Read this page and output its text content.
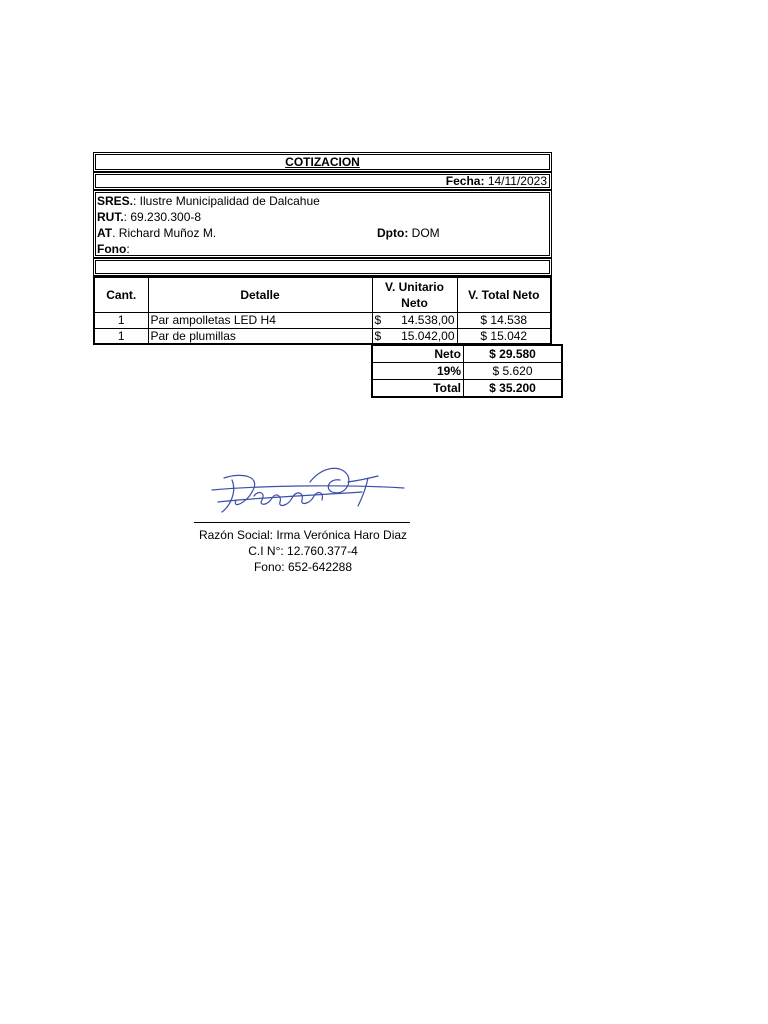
COTIZACION
Fecha: 14/11/2023
SRES.: Ilustre Municipalidad de Dalcahue
RUT.: 69.230.300-8
AT. Richard Muñoz M.	Dpto: DOM
Fono:
Cant.	Detalle	V. Unitario Neto	V. Total Neto
1	Par ampolletas LED H4	$ 14.538,00	$ 14.538
1	Par de plumillas	$ 15.042,00	$ 15.042
Neto	$ 29.580
19%	$ 5.620
Total	$ 35.200
Razón Social: Irma Verónica Haro Diaz
C.I N°: 12.760.377-4
Fono: 652-642288
